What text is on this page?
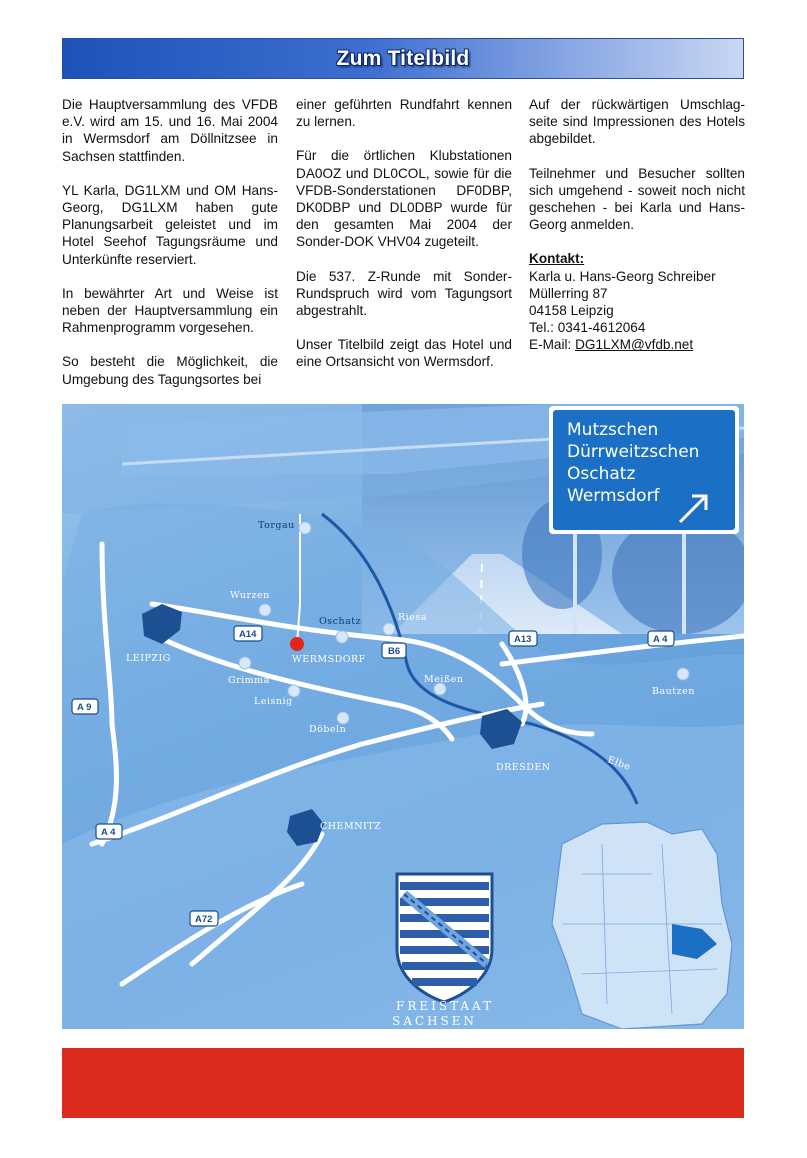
Zum Titelbild

Die Hauptversammlung des VFDB e.V. wird am 15. und 16. Mai 2004 in Wermsdorf am Döllnitzsee in Sachsen stattfinden.

YL Karla, DG1LXM und OM Hans-Georg, DG1LXM haben gute Planungsarbeit geleistet und im Hotel Seehof Tagungsräume und Unterkünfte reserviert.

In bewährter Art und Weise ist neben der Hauptversammlung ein Rahmenprogramm vorgesehen.

So besteht die Möglichkeit, die Umgebung des Tagungsortes bei

einer geführten Rundfahrt kennen zu lernen.

Für die örtlichen Klubstationen DA0OZ und DL0COL, sowie für die VFDB-Sonderstationen DF0DBP, DK0DBP und DL0DBP wurde für den gesamten Mai 2004 der Sonder-DOK VHV04 zugeteilt.

Die 537. Z-Runde mit Sonder-Rundspruch wird vom Tagungsort abgestrahlt.

Unser Titelbild zeigt das Hotel und eine Ortsansicht von Wermsdorf.

Auf der rückwärtigen Umschlag-seite sind Impressionen des Hotels abgebildet.

Teilnehmer und Besucher sollten sich umgehend - soweit noch nicht geschehen - bei Karla und Hans-Georg anmelden.

Kontakt:
Karla u. Hans-Georg Schreiber
Müllerring 87
04158 Leipzig
Tel.: 0341-4612064
E-Mail: DG1LXM@vfdb.net
Torgau
Wurzen
Oschatz	Riesa
LEIPZIG	WERMSDORF
Grimma
Leisnig
Döbeln
Meißen
Bautzen
DRESDEN
CHEMNITZ
Elbe
A14
B6
A13	A 4
A 9
A 4
A72
Mutzschen
Dürrweitzschen
Oschatz
Wermsdorf
FREISTAAT
SACHSEN
